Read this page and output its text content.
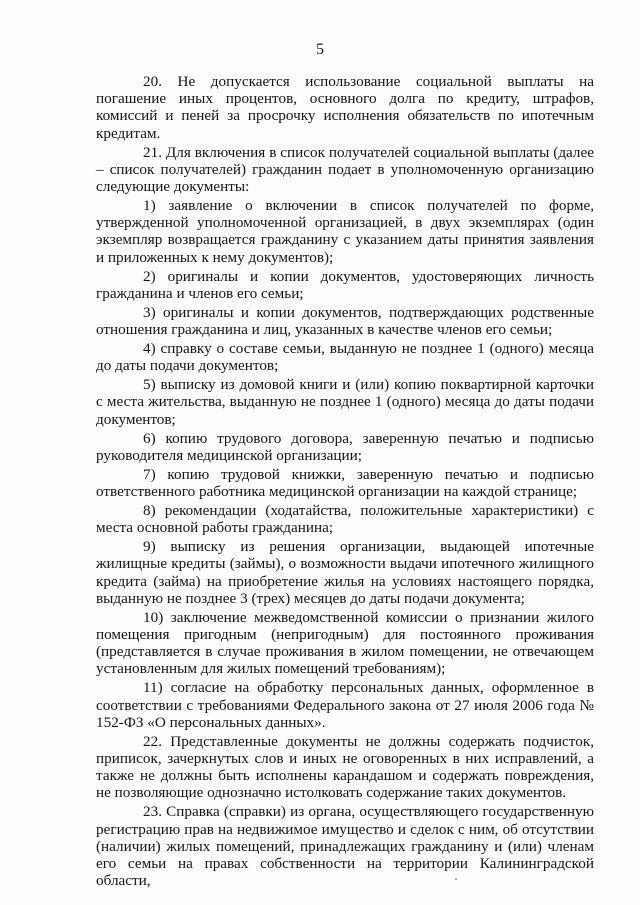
5

20. Не допускается использование социальной выплаты на погашение иных процентов, основного долга по кредиту, штрафов, комиссий и пеней за просрочку исполнения обязательств по ипотечным кредитам.

21. Для включения в список получателей социальной выплаты (далее – список получателей) гражданин подает в уполномоченную организацию следующие документы:

1) заявление о включении в список получателей по форме, утвержденной уполномоченной организацией, в двух экземплярах (один экземпляр возвращается гражданину с указанием даты принятия заявления и приложенных к нему документов);

2) оригиналы и копии документов, удостоверяющих личность гражданина и членов его семьи;

3) оригиналы и копии документов, подтверждающих родственные отношения гражданина и лиц, указанных в качестве членов его семьи;

4) справку о составе семьи, выданную не позднее 1 (одного) месяца до даты подачи документов;

5) выписку из домовой книги и (или) копию поквартирной карточки с места жительства, выданную не позднее 1 (одного) месяца до даты подачи документов;

6) копию трудового договора, заверенную печатью и подписью руководителя медицинской организации;

7) копию трудовой книжки, заверенную печатью и подписью ответственного работника медицинской организации на каждой странице;

8) рекомендации (ходатайства, положительные характеристики) с места основной работы гражданина;

9) выписку из решения организации, выдающей ипотечные жилищные кредиты (займы), о возможности выдачи ипотечного жилищного кредита (займа) на приобретение жилья на условиях настоящего порядка, выданную не позднее 3 (трех) месяцев до даты подачи документа;

10) заключение межведомственной комиссии о признании жилого помещения пригодным (непригодным) для постоянного проживания (представляется в случае проживания в жилом помещении, не отвечающем установленным для жилых помещений требованиям);

11) согласие на обработку персональных данных, оформленное в соответствии с требованиями Федерального закона от 27 июля 2006 года № 152-ФЗ «О персональных данных».

22. Представленные документы не должны содержать подчисток, приписок, зачеркнутых слов и иных не оговоренных в них исправлений, а также не должны быть исполнены карандашом и содержать повреждения, не позволяющие однозначно истолковать содержание таких документов.

23. Справка (справки) из органа, осуществляющего государственную регистрацию прав на недвижимое имущество и сделок с ним, об отсутствии (наличии) жилых помещений, принадлежащих гражданину и (или) членам его семьи на правах собственности на территории Калининградской области,
